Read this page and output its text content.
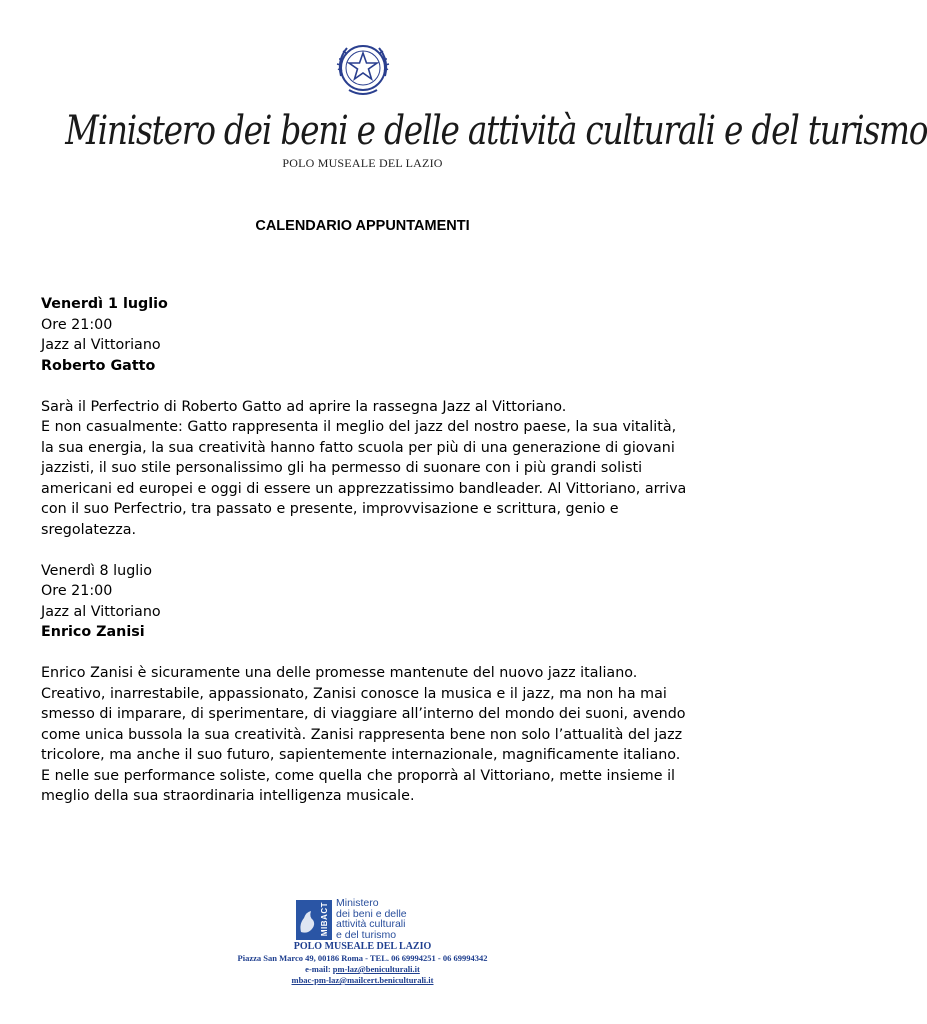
Ministero dei beni e delle attività culturali e del turismo
POLO MUSEALE DEL LAZIO
CALENDARIO APPUNTAMENTI

Venerdì 1 luglio

Ore 21:00

Jazz al Vittoriano

Roberto Gatto

Sarà il Perfectrio di Roberto Gatto ad aprire la rassegna Jazz al Vittoriano.

E non casualmente: Gatto rappresenta il meglio del jazz del nostro paese, la sua vitalità, la sua energia, la sua creatività hanno fatto scuola per più di una generazione di giovani jazzisti, il suo stile personalissimo gli ha permesso di suonare con i più grandi solisti americani ed europei e oggi di essere un apprezzatissimo bandleader. Al Vittoriano, arriva con il suo Perfectrio, tra passato e presente, improvvisazione e scrittura, genio e sregolatezza.

Venerdì 8 luglio

Ore 21:00

Jazz al Vittoriano

Enrico Zanisi

Enrico Zanisi è sicuramente una delle promesse mantenute del nuovo jazz italiano. Creativo, inarrestabile, appassionato, Zanisi conosce la musica e il jazz, ma non ha mai smesso di imparare, di sperimentare, di viaggiare all’interno del mondo dei suoni, avendo come unica bussola la sua creatività. Zanisi rappresenta bene non solo l’attualità del jazz tricolore, ma anche il suo futuro, sapientemente internazionale, magnificamente italiano. E nelle sue performance soliste, come quella che proporrà al Vittoriano, mette insieme il meglio della sua straordinaria intelligenza musicale.

MIBACT Ministero
dei beni e delle
attività culturali
e del turismo
POLO MUSEALE DEL LAZIO
Piazza San Marco 49, 00186 Roma - TEL. 06 69994251 - 06 69994342
e-mail: pm-laz@beniculturali.it
mbac-pm-laz@mailcert.beniculturali.it
